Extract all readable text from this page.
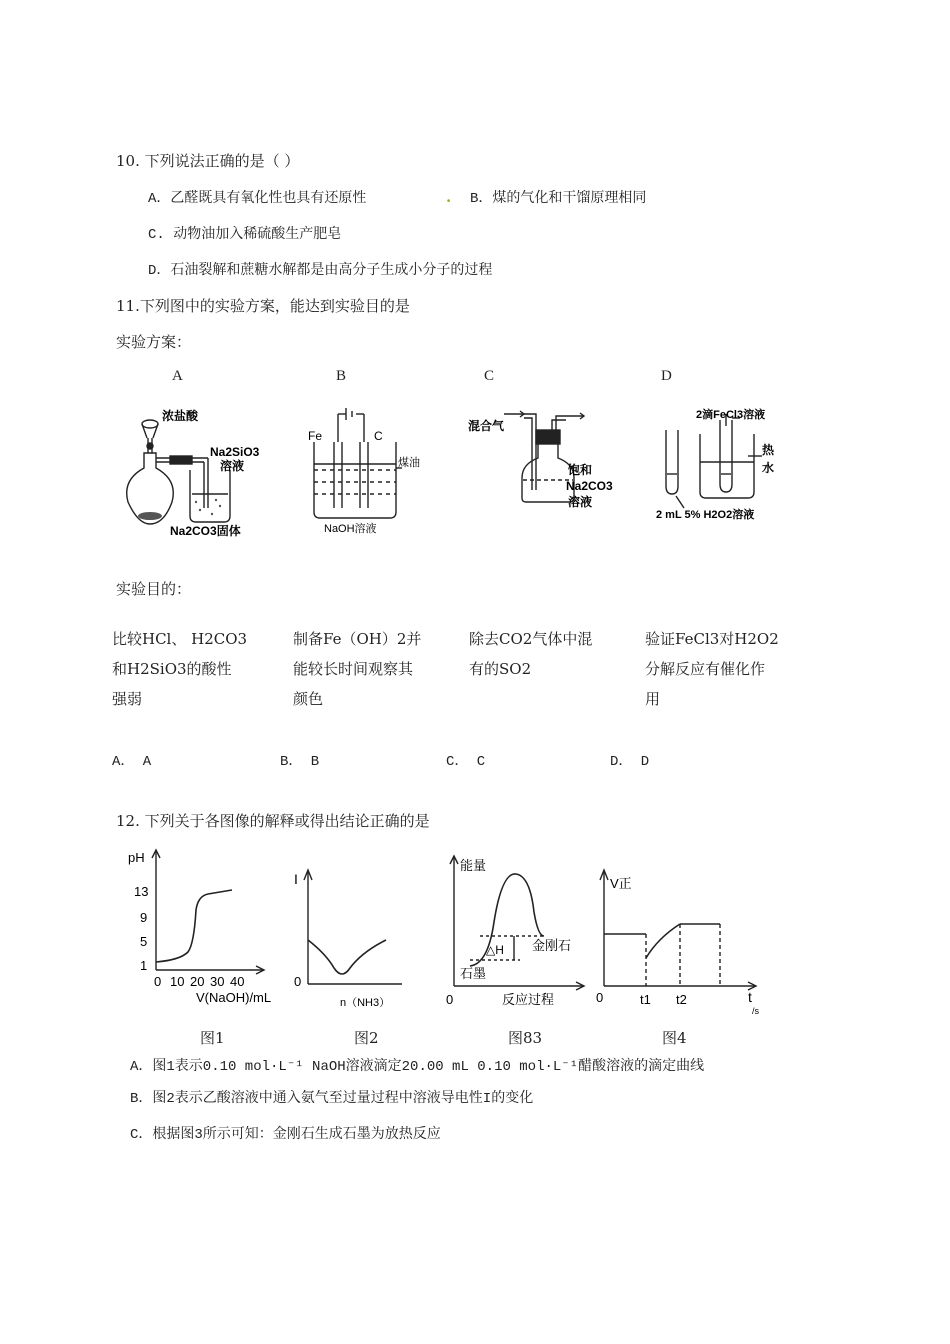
10. 下列说法正确的是（ ）
A．乙醛既具有氧化性也具有还原性	. B．煤的气化和干馏原理相同
C. 动物油加入稀硫酸生产肥皂
D．石油裂解和蔗糖水解都是由高分子生成小分子的过程
11.下列图中的实验方案，能达到实验目的是
实验方案：
A	B	C	D
浓盐酸
Na2SiO3
溶液
Na2CO3固体
Fe	C
煤油
NaOH溶液
混合气
饱和
Na2CO3
溶液
2滴FeCl3溶液
热
水
2 mL 5% H2O2溶液
实验目的：
比较HCl、 H2CO3
和H2SiO3的酸性
强弱
制备Fe（OH）2并
能较长时间观察其
颜色
除去CO2气体中混
有的SO2
验证FeCl3对H2O2
分解反应有催化作
用
A． A	B． B	C． C	D． D
12. 下列关于各图像的解释或得出结论正确的是
pH
13
9
5
1
0 10 20 30 40
V(NaOH)/mL
I
0
n（NH3）
能量
△H 金刚石
石墨
0	反应过程
V正
0	t1 t2	t
/s
图1	图2	图83	图4
A．图1表示0.10 mol·L⁻¹ NaOH溶液滴定20.00 mL 0.10 mol·L⁻¹醋酸溶液的滴定曲线
B．图2表示乙酸溶液中通入氨气至过量过程中溶液导电性I的变化
C．根据图3所示可知：金刚石生成石墨为放热反应
